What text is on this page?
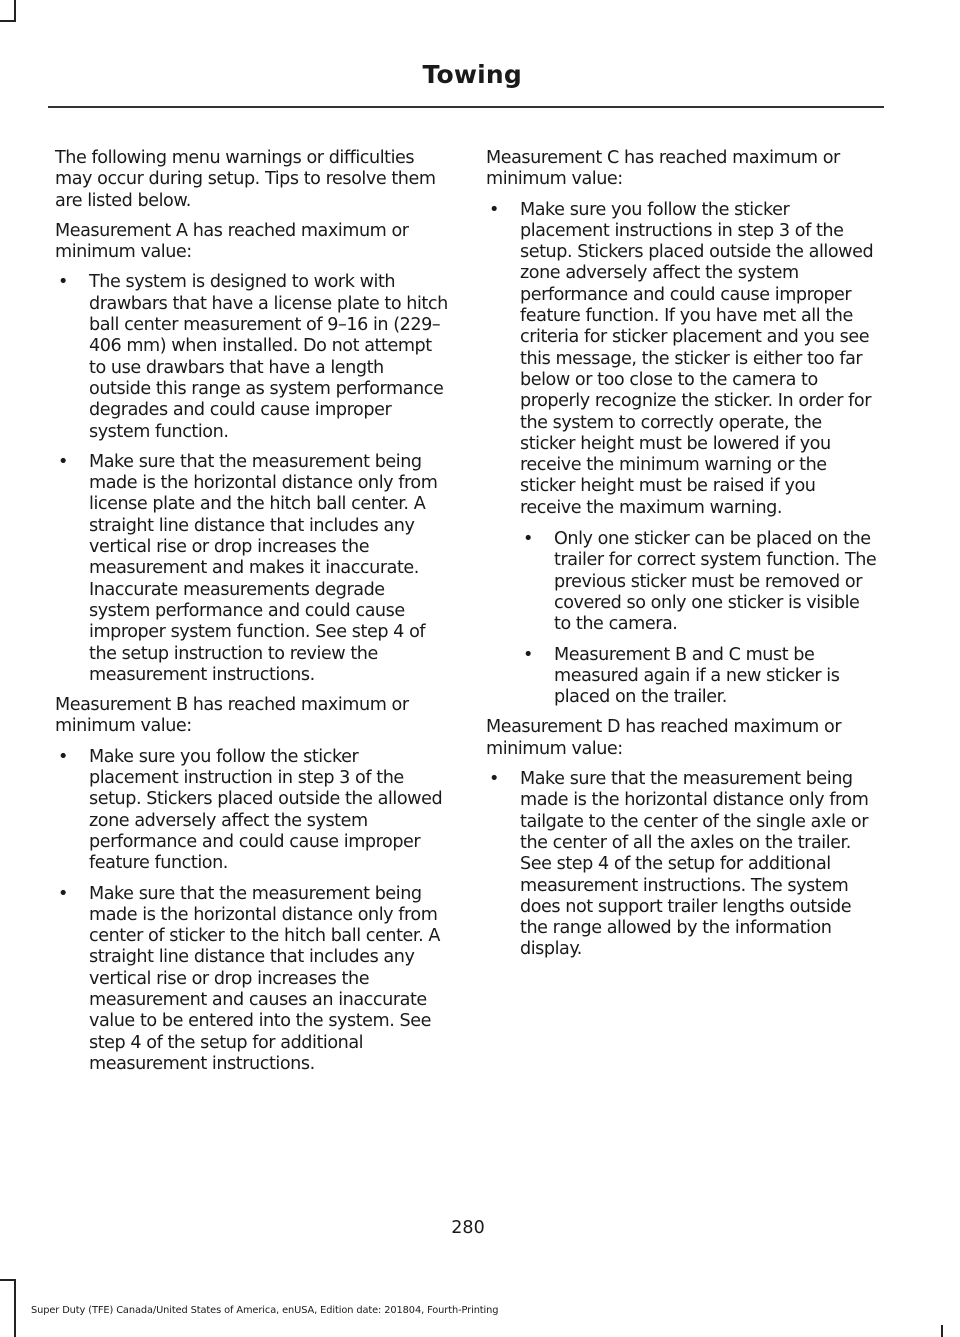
Towing

The following menu warnings or difficulties may occur during setup. Tips to resolve them are listed below.

Measurement A has reached maximum or minimum value:

• The system is designed to work with drawbars that have a license plate to hitch ball center measurement of 9–16 in (229–406 mm) when installed. Do not attempt to use drawbars that have a length outside this range as system performance degrades and could cause improper system function.
• Make sure that the measurement being made is the horizontal distance only from license plate and the hitch ball center. A straight line distance that includes any vertical rise or drop increases the measurement and makes it inaccurate. Inaccurate measurements degrade system performance and could cause improper system function. See step 4 of the setup instruction to review the measurement instructions.

Measurement B has reached maximum or minimum value:

• Make sure you follow the sticker placement instruction in step 3 of the setup. Stickers placed outside the allowed zone adversely affect the system performance and could cause improper feature function.
• Make sure that the measurement being made is the horizontal distance only from center of sticker to the hitch ball center. A straight line distance that includes any vertical rise or drop increases the measurement and causes an inaccurate value to be entered into the system. See step 4 of the setup for additional measurement instructions.

Measurement C has reached maximum or minimum value:

• Make sure you follow the sticker placement instructions in step 3 of the setup. Stickers placed outside the allowed zone adversely affect the system performance and could cause improper feature function. If you have met all the criteria for sticker placement and you see this message, the sticker is either too far below or too close to the camera to properly recognize the sticker. In order for the system to correctly operate, the sticker height must be lowered if you receive the minimum warning or the sticker height must be raised if you receive the maximum warning.
• Only one sticker can be placed on the trailer for correct system function. The previous sticker must be removed or covered so only one sticker is visible to the camera.
• Measurement B and C must be measured again if a new sticker is placed on the trailer.

Measurement D has reached maximum or minimum value:

• Make sure that the measurement being made is the horizontal distance only from tailgate to the center of the single axle or the center of all the axles on the trailer. See step 4 of the setup for additional measurement instructions. The system does not support trailer lengths outside the range allowed by the information display.
280
Super Duty (TFE) Canada/United States of America, enUSA, Edition date: 201804, Fourth-Printing
